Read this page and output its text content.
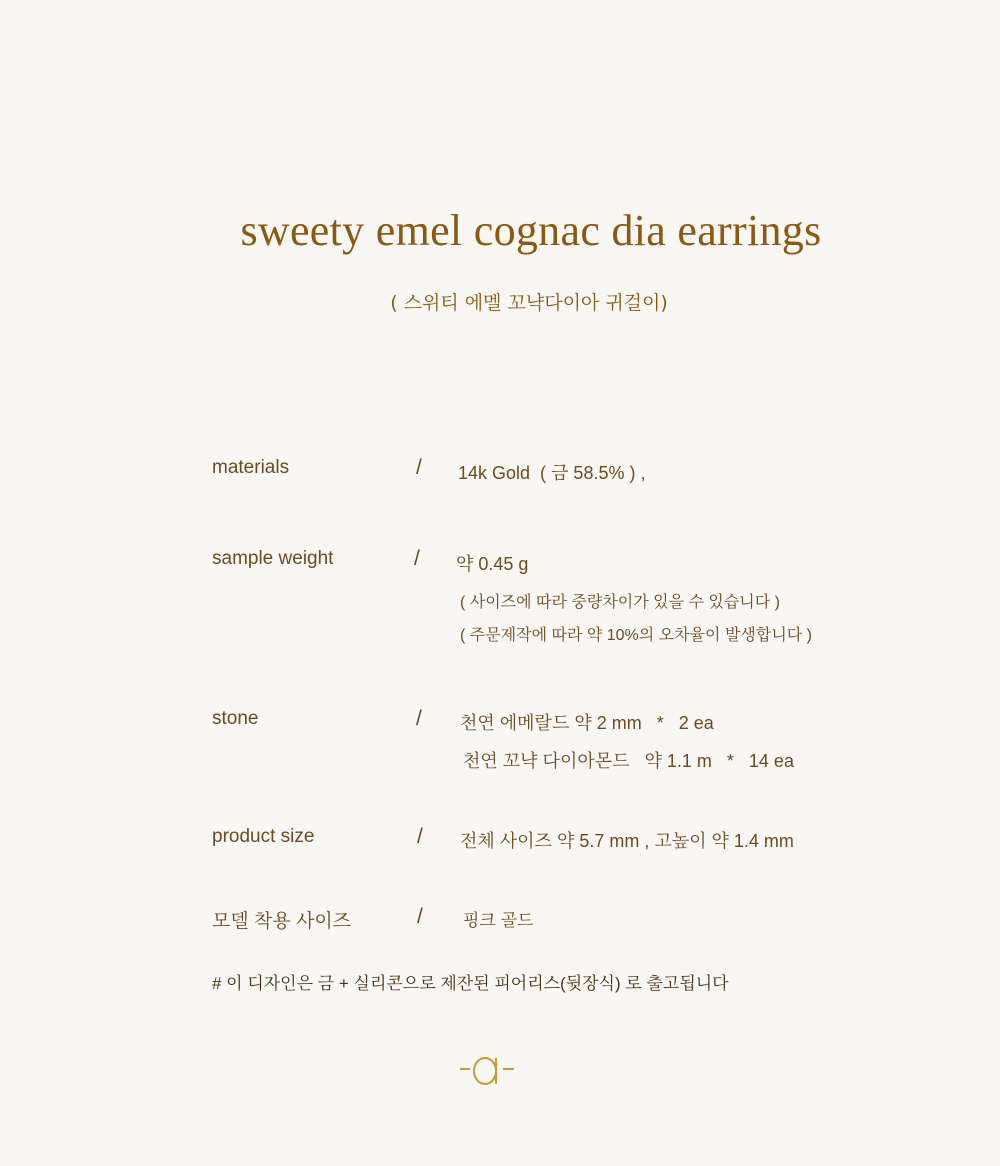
sweety emel cognac dia earrings
( 스위티 에멜 꼬냑다이아 귀걸이)
materials	/ 14k Gold  ( 금 58.5% ) ,
sample weight	/ 약 0.45 g
( 사이즈에 따라 중량차이가 있을 수 있습니다 )
( 주문제작에 따라 약 10%의 오차율이 발생합니다 )
stone	/ 천연 에메랄드 약 2 mm   *   2 ea
천연 꼬냑 다이아몬드   약 1.1 m   *   14 ea
product size	/ 전체 사이즈 약 5.7 mm , 고높이 약 1.4 mm
모델 착용 사이즈	/ 핑크 골드
# 이 디자인은 금 + 실리콘으로 제잔된 피어리스(뒷장식) 로 출고됩니다
